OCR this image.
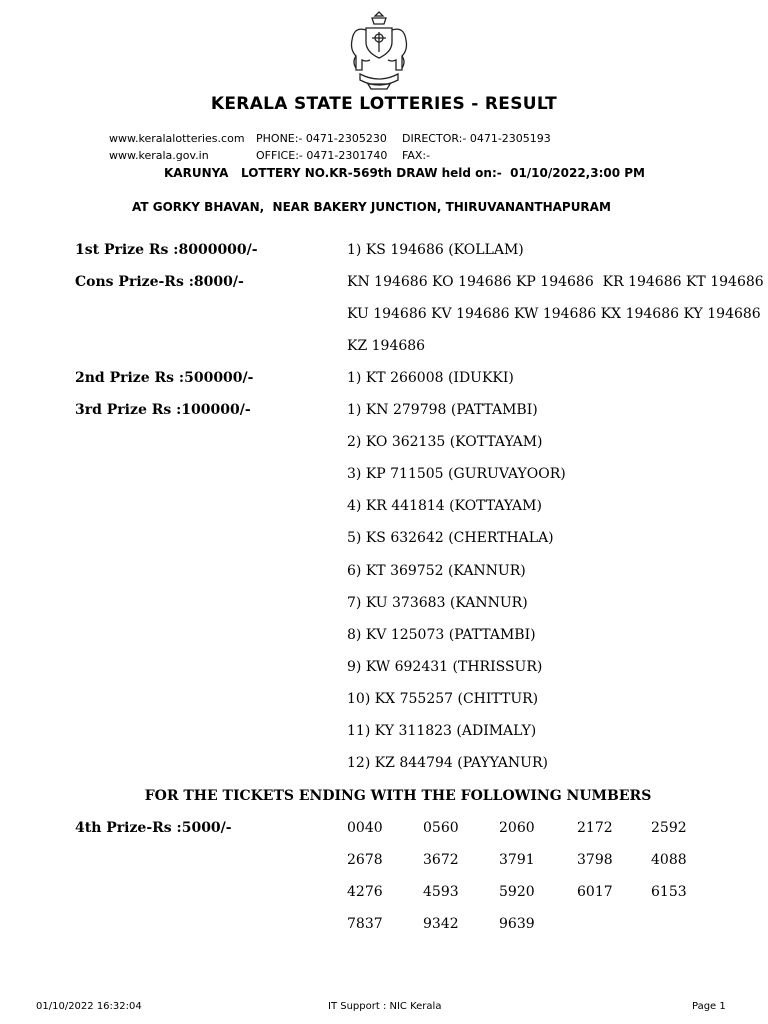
KERALA STATE LOTTERIES - RESULT
www.keralalotteries.com PHONE:- 0471-2305230 DIRECTOR:- 0471-2305193
www.kerala.gov.in	OFFICE:- 0471-2301740 FAX:-
KARUNYA   LOTTERY NO.KR-569th DRAW held on:-  01/10/2022,3:00 PM
AT GORKY BHAVAN,  NEAR BAKERY JUNCTION, THIRUVANANTHAPURAM
1st Prize Rs :8000000/-	1) KS 194686 (KOLLAM)
Cons Prize-Rs :8000/-	KN 194686 KO 194686 KP 194686  KR 194686 KT 194686
KU 194686 KV 194686 KW 194686 KX 194686 KY 194686
KZ 194686
2nd Prize Rs :500000/-	1) KT 266008 (IDUKKI)
3rd Prize Rs :100000/-	1) KN 279798 (PATTAMBI)
2) KO 362135 (KOTTAYAM)
3) KP 711505 (GURUVAYOOR)
4) KR 441814 (KOTTAYAM)
5) KS 632642 (CHERTHALA)
6) KT 369752 (KANNUR)
7) KU 373683 (KANNUR)
8) KV 125073 (PATTAMBI)
9) KW 692431 (THRISSUR)
10) KX 755257 (CHITTUR)
11) KY 311823 (ADIMALY)
12) KZ 844794 (PAYYANUR)
FOR THE TICKETS ENDING WITH THE FOLLOWING NUMBERS
4th Prize-Rs :5000/-	0040	0560	2060	2172	2592
2678	3672	3791	3798	4088
4276	4593	5920	6017	6153
7837	9342	9639
01/10/2022 16:32:04	IT Support : NIC Kerala	Page 1
